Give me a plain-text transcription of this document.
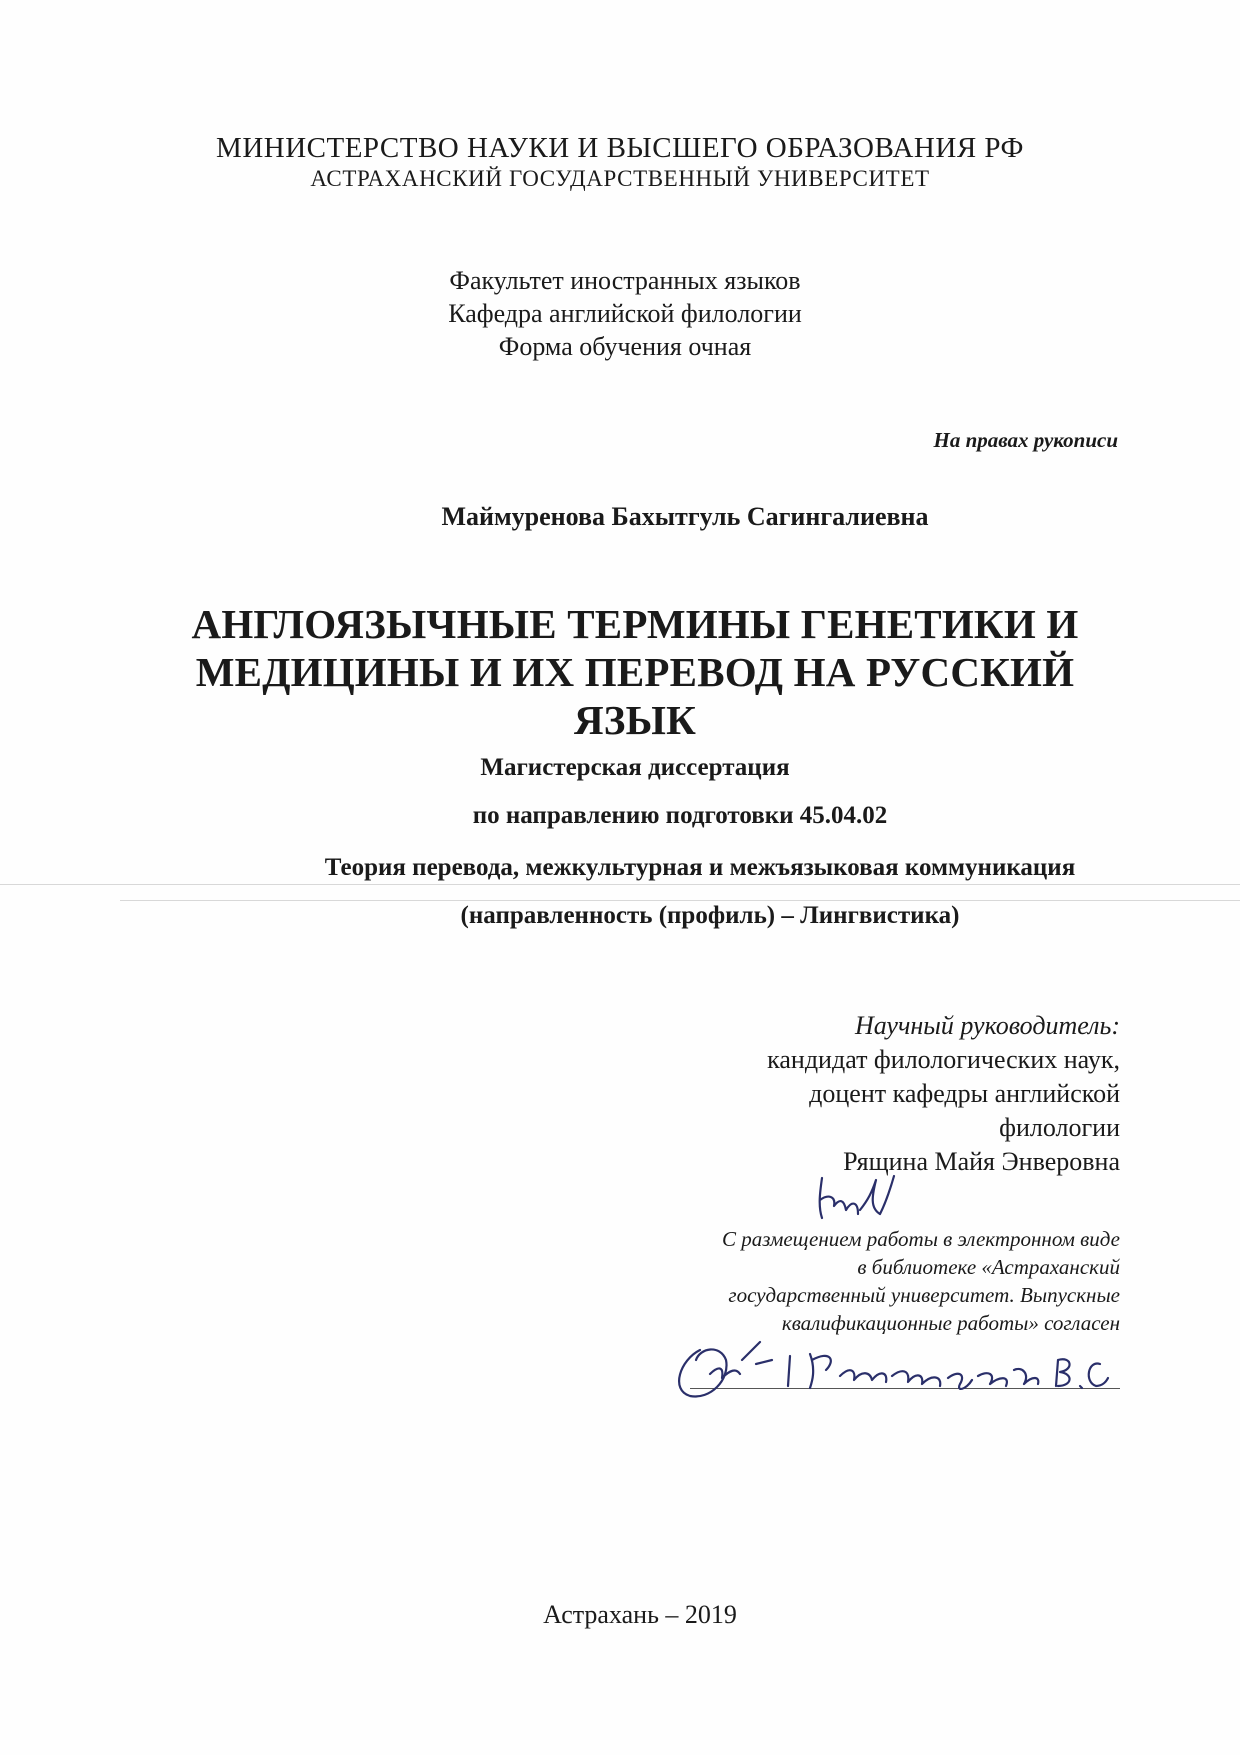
МИНИСТЕРСТВО НАУКИ И ВЫСШЕГО ОБРАЗОВАНИЯ РФ
АСТРАХАНСКИЙ ГОСУДАРСТВЕННЫЙ УНИВЕРСИТЕТ
Факультет иностранных языков
Кафедра английской филологии
Форма обучения очная
На правах рукописи
Маймуренова Бахытгуль Сагингалиевна
АНГЛОЯЗЫЧНЫЕ ТЕРМИНЫ ГЕНЕТИКИ И
МЕДИЦИНЫ И ИХ ПЕРЕВОД НА РУССКИЙ
ЯЗЫК
Магистерская диссертация
по направлению подготовки 45.04.02
Теория перевода, межкультурная и межъязыковая коммуникация
(направленность (профиль) – Лингвистика)
Научный руководитель:
кандидат филологических наук,
доцент кафедры английской
филологии
Рящина Майя Энверовна
С размещением работы в электронном виде
в библиотеке «Астраханский
государственный университет. Выпускные
квалификационные работы» согласен
Астрахань – 2019
